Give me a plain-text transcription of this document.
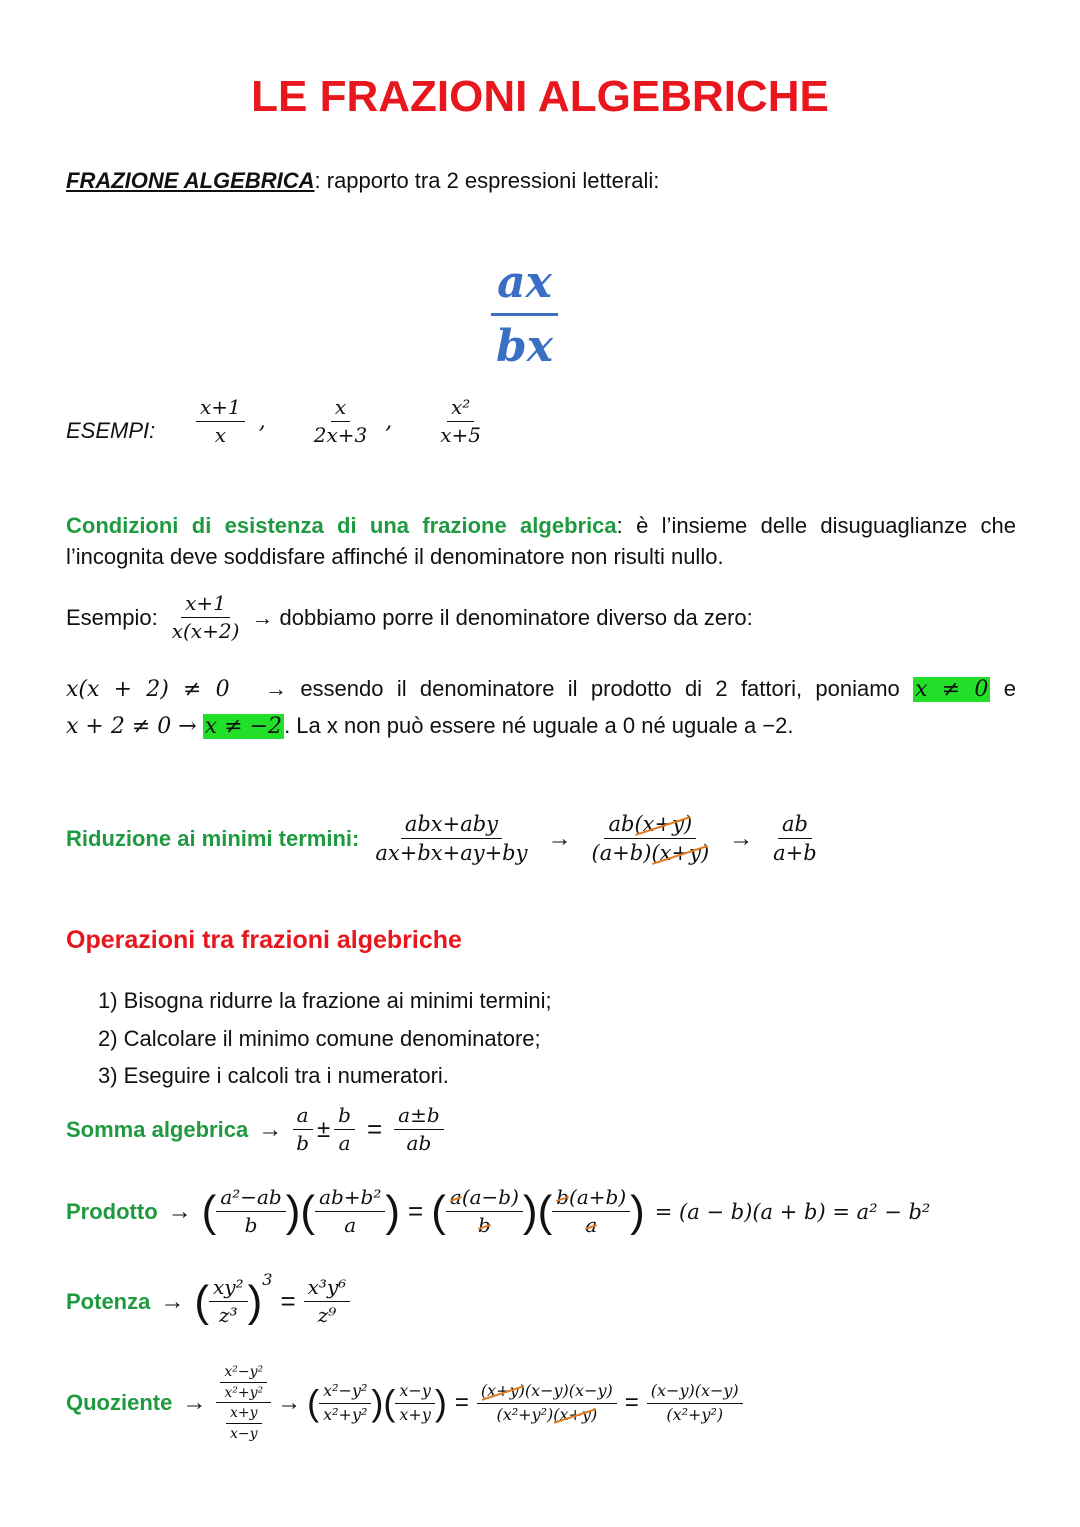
LE FRAZIONI ALGEBRICHE
FRAZIONE ALGEBRICA: rapporto tra 2 espressioni letterali:
$\frac{ax}{bx}$
ESEMPI: $\frac{x+1}{x}$ , $\frac{x}{2x+3}$ , $\frac{\text{x²}}{x+5}$
Condizioni di esistenza di una frazione algebrica: è l’insieme delle disuguaglianze che
l’incognita deve soddisfare affinché il denominatore non risulti nullo.
Esempio: $\frac{x+1}{x(x+2)}$ → dobbiamo porre il denominatore diverso da zero:
x(x + 2) ≠ 0 → essendo il denominatore il prodotto di 2 fattori, poniamo x ≠ 0 e
x + 2 ≠ 0 → x ≠ −2. La x non può essere né uguale a 0 né uguale a −2.
Riduzione ai minimi termini: $\frac{\text{abx+aby}}{ax+bx+ay+by} \to \frac{ab(x+y)}{(a+b)(x+y)} \to \frac{ab}{a+b}$
Operazioni tra frazioni algebriche
1) Bisogna ridurre la frazione ai minimi termini;
2) Calcolare il minimo comune denominatore;
3) Eseguire i calcoli tra i numeratori.
Somma algebrica → $\frac{a}{b} \pm \frac{b}{a} = \frac{a\pm b}{ab}$
Prodotto → ( $\frac{\text{a²−ab}}{b}$ ) ( $\frac{\text{ab+b²}}{a}$ ) = ( $\frac{a(a-b)}{b}$ ) ( $\frac{b(a+b)}{a}$ ) = (a − b)(a + b) = a² − b²
Potenza → ( $\frac{\text{xy²}}{\text{z³}}$ ) 3
= $\frac{\text{x³y⁶}}{\text{z⁹}}$
Quoziente → $\frac{\frac{\text{x²−y²}}{\text{x²+y²}}}{\frac{x+y}{x-y}}$ → ( $\frac{\text{x²−y²}}{\text{x²+y²}}$ ) ( $\frac{x-y}{x+y}$ ) = $\frac{(x+y)(x-y)(x-y)}{\text{(x²+y²)(x+y)}} = \frac{(x-y)(x-y)}{\text{(x²+y²)}}$
